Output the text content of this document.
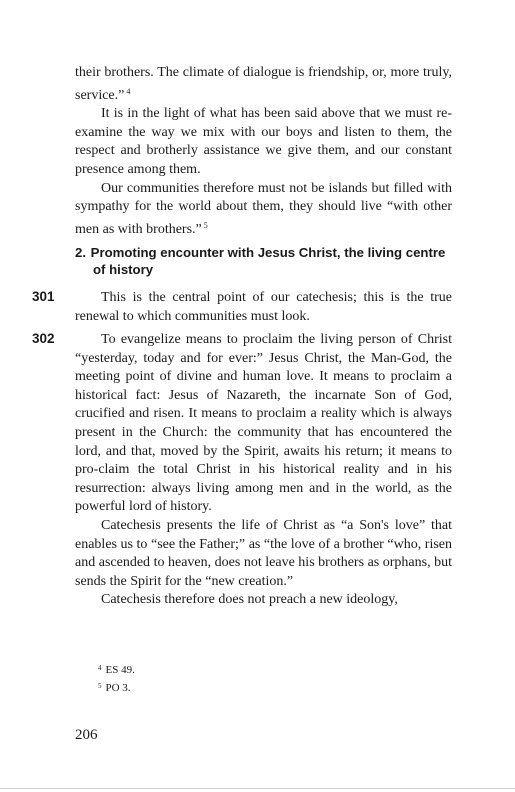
their brothers. The climate of dialogue is friendship, or, more truly, service.” $^4$

It is in the light of what has been said above that we must re-examine the way we mix with our boys and listen to them, the respect and brotherly assistance we give them, and our constant presence among them.

Our communities therefore must not be islands but filled with sympathy for the world about them, they should live “with other men as with brothers.” $^5$

2. Promoting encounter with Jesus Christ, the living centre
of history
301	This is the central point of our catechesis; this is the true renewal to which communities must look.

302	To evangelize means to proclaim the living person of Christ “yesterday, today and for ever:” Jesus Christ, the Man-God, the meeting point of divine and human love. It means to proclaim a historical fact: Jesus of Nazareth, the incarnate Son of God, crucified and risen. It means to proclaim a reality which is always present in the Church: the community that has encountered the lord, and that, moved by the Spirit, awaits his return; it means to pro-claim the total Christ in his historical reality and in his resurrection: always living among men and in the world, as the powerful lord of history.

Catechesis presents the life of Christ as “a Son's love” that enables us to “see the Father;” as “the love of a brother “who, risen and ascended to heaven, does not leave his brothers as orphans, but sends the Spirit for the “new creation.”

Catechesis therefore does not preach a new ideology,

$^4$ ES 49.
$^5$ PO 3.
206
